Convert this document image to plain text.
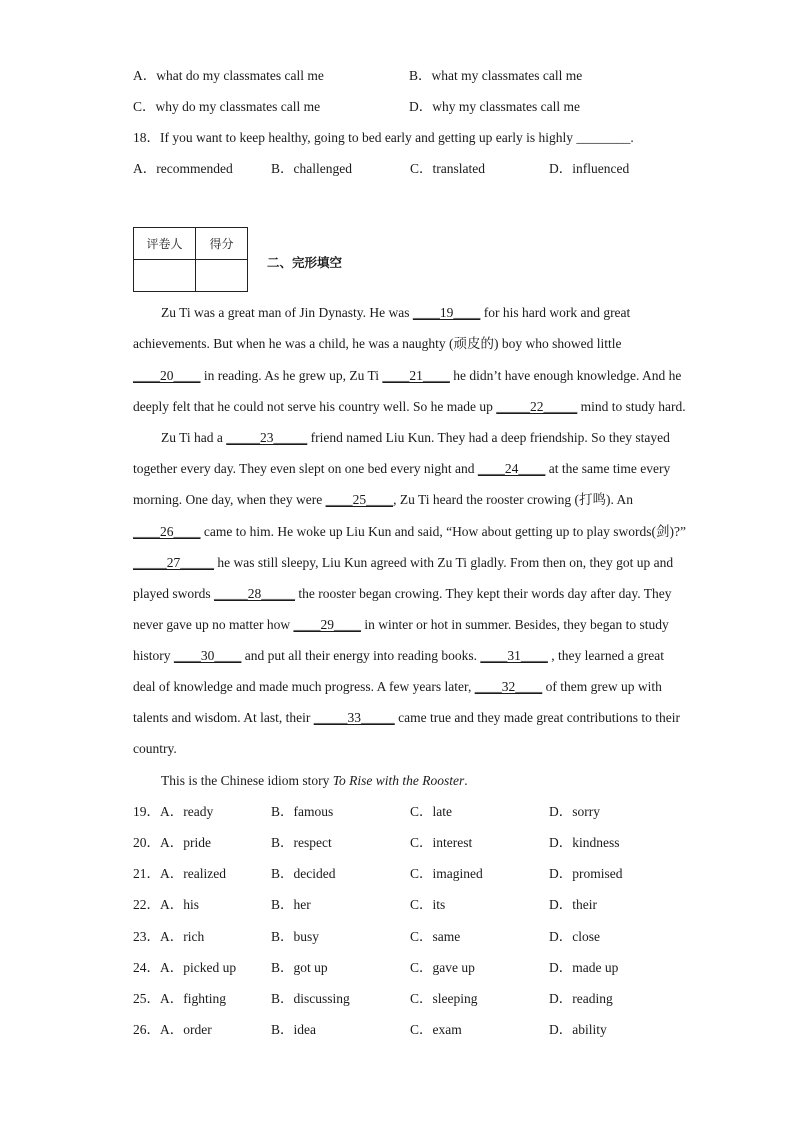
A．what do my classmates call me	B．what my classmates call me
C．why do my classmates call me	D．why my classmates call me
18．If you want to keep healthy, going to bed early and getting up early is highly ________.
A．recommended	B．challenged	C．translated	D．influenced
评卷人	得分

二、完形填空
Zu Ti was a great man of Jin Dynasty. He was ____19____ for his hard work and great
achievements. But when he was a child, he was a naughty (顽皮的) boy who showed little
____20____ in reading. As he grew up, Zu Ti ____21____ he didn’t have enough knowledge. And he
deeply felt that he could not serve his country well. So he made up _____22_____ mind to study hard.
Zu Ti had a _____23_____ friend named Liu Kun. They had a deep friendship. So they stayed
together every day. They even slept on one bed every night and ____24____ at the same time every
morning. One day, when they were ____25____, Zu Ti heard the rooster crowing (打鸣). An
____26____ came to him. He woke up Liu Kun and said, “How about getting up to play swords(剑)?”
_____27_____ he was still sleepy, Liu Kun agreed with Zu Ti gladly. From then on, they got up and
played swords _____28_____ the rooster began crowing. They kept their words day after day. They
never gave up no matter how ____29____ in winter or hot in summer. Besides, they began to study
history ____30____ and put all their energy into reading books. ____31____ , they learned a great
deal of knowledge and made much progress. A few years later, ____32____ of them grew up with
talents and wisdom. At last, their _____33_____ came true and they made great contributions to their
country.
This is the Chinese idiom story To Rise with the Rooster.
19． A．ready	B．famous	C．late	D．sorry
20． A．pride	B．respect	C．interest	D．kindness
21． A．realized	B．decided	C．imagined	D．promised
22． A．his	B．her	C．its	D．their
23． A．rich	B．busy	C．same	D．close
24． A．picked up	B．got up	C．gave up	D．made up
25． A．fighting	B．discussing	C．sleeping	D．reading
26． A．order	B．idea	C．exam	D．ability
